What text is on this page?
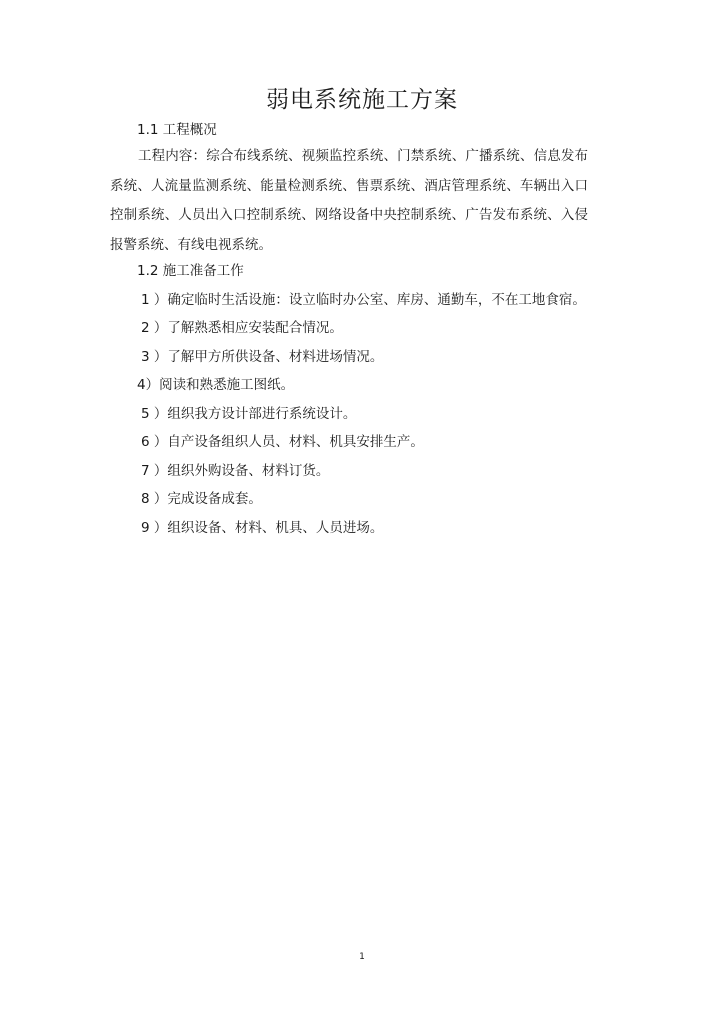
弱电系统施工方案
1.1 工程概况
工程内容：综合布线系统、视频监控系统、门禁系统、广播系统、信息发布系统、人流量监测系统、能量检测系统、售票系统、酒店管理系统、车辆出入口控制系统、人员出入口控制系统、网络设备中央控制系统、广告发布系统、入侵报警系统、有线电视系统。
1.2 施工准备工作
1 ）确定临时生活设施：设立临时办公室、库房、通勤车，不在工地食宿。
2 ）了解熟悉相应安装配合情况。
3 ）了解甲方所供设备、材料进场情况。
4）阅读和熟悉施工图纸。
5 ）组织我方设计部进行系统设计。
6 ）自产设备组织人员、材料、机具安排生产。
7 ）组织外购设备、材料订货。
8 ）完成设备成套。
9 ）组织设备、材料、机具、人员进场。
1
